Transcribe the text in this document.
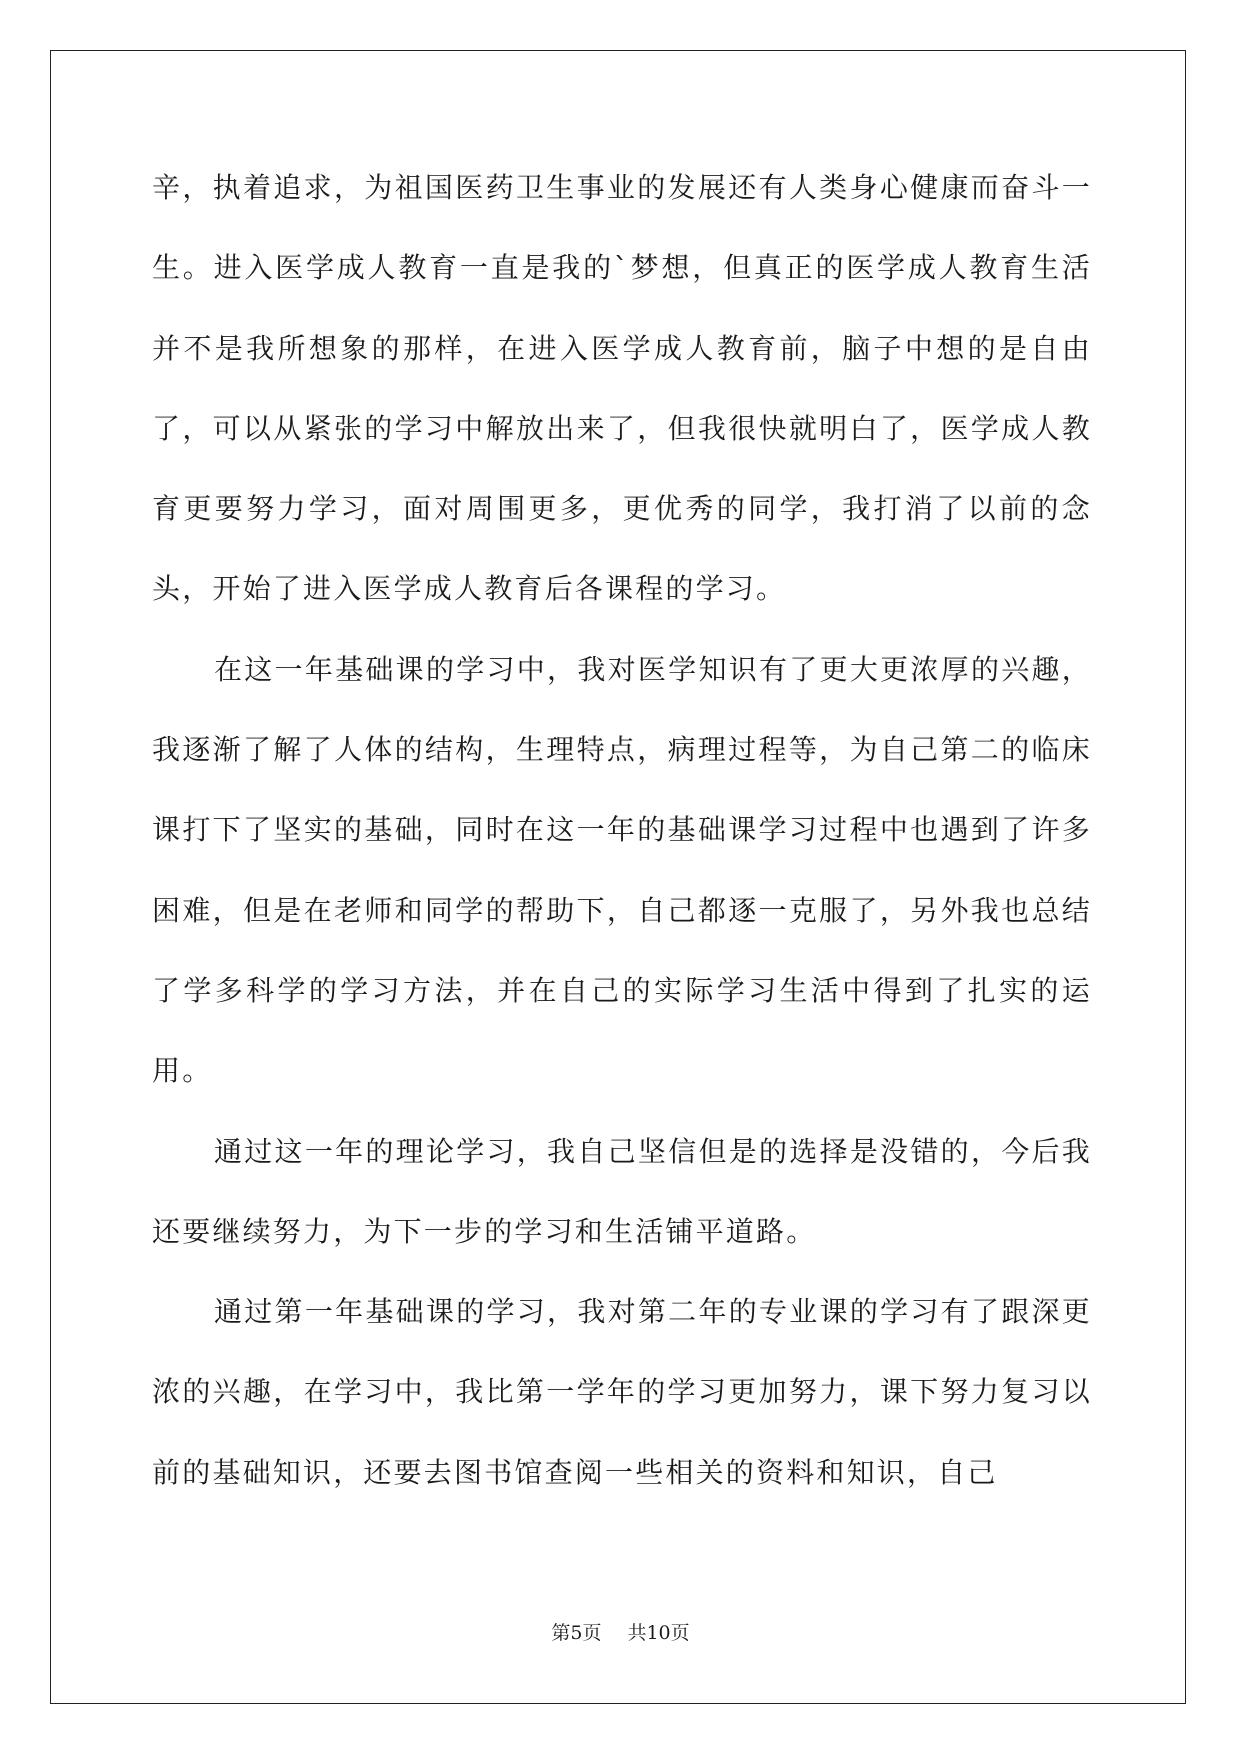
辛，执着追求，为祖国医药卫生事业的发展还有人类身心健康而奋斗一生。进入医学成人教育一直是我的`梦想，但真正的医学成人教育生活并不是我所想象的那样，在进入医学成人教育前，脑子中想的是自由了，可以从紧张的学习中解放出来了，但我很快就明白了，医学成人教育更要努力学习，面对周围更多，更优秀的同学，我打消了以前的念头，开始了进入医学成人教育后各课程的学习。

在这一年基础课的学习中，我对医学知识有了更大更浓厚的兴趣，我逐渐了解了人体的结构，生理特点，病理过程等，为自己第二的临床课打下了坚实的基础，同时在这一年的基础课学习过程中也遇到了许多困难，但是在老师和同学的帮助下，自己都逐一克服了，另外我也总结了学多科学的学习方法，并在自己的实际学习生活中得到了扎实的运用。

通过这一年的理论学习，我自己坚信但是的选择是没错的，今后我还要继续努力，为下一步的学习和生活铺平道路。

通过第一年基础课的学习，我对第二年的专业课的学习有了跟深更浓的兴趣，在学习中，我比第一学年的学习更加努力，课下努力复习以前的基础知识，还要去图书馆查阅一些相关的资料和知识，自己

第5页 共10页
